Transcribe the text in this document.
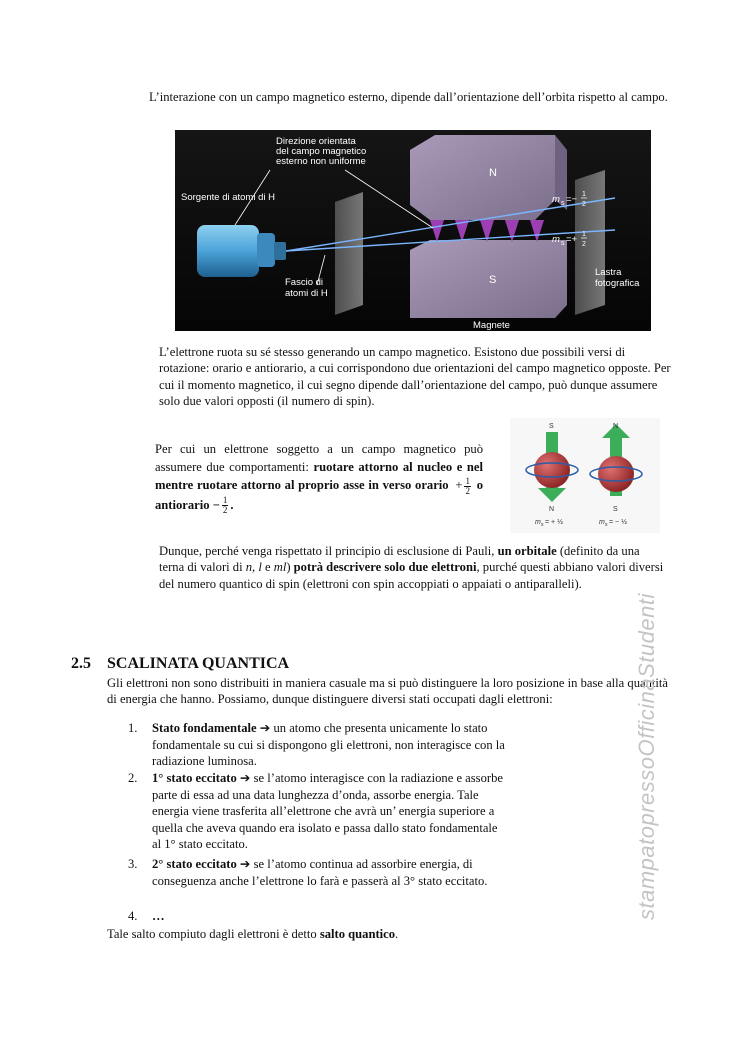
L’interazione con un campo magnetico esterno, dipende dall’orientazione dell’orbita rispetto al campo.

Sorgente di atomi di H
Fascio di
atomi di H
Direzione orientata
del campo magnetico
esterno non uniforme
N
S
Magnete
Lastra
fotografica
m s =− 1
2
m s =+ 1
2

L’elettrone ruota su sé stesso generando un campo magnetico. Esistono due possibili versi di rotazione: orario e antiorario, a cui corrispondono due orientazioni del campo magnetico opposte. Per cui il momento magnetico, il cui segno dipende dall’orientazione del campo, può dunque assumere solo due valori opposti (il numero di spin).

Per cui un elettrone soggetto a un campo magnetico può assumere due comportamenti: ruotare attorno al nucleo e nel mentre ruotare attorno al proprio asse in verso orario + $\frac{1}{2}$ o antiorario − $\frac{1}{2}$ .

S
N
N
S
m s = + ½	m s = − ½

Dunque, perché venga rispettato il principio di esclusione di Pauli, un orbitale (definito da una terna di valori di n, l e ml) potrà descrivere solo due elettroni, purché questi abbiano valori diversi del numero quantico di spin (elettroni con spin accoppiati o appaiati o antiparalleli).

2.5 SCALINATA QUANTICA

Gli elettroni non sono distribuiti in maniera casuale ma si può distinguere la loro posizione in base alla quantità di energia che hanno. Possiamo, dunque distinguere diversi stati occupati dagli elettroni:

1. Stato fondamentale ➔ un atomo che presenta unicamente lo stato fondamentale su cui si dispongono gli elettroni, non interagisce con la radiazione luminosa.
2. 1° stato eccitato ➔ se l’atomo interagisce con la radiazione e assorbe parte di essa ad una data lunghezza d’onda, assorbe energia. Tale energia viene trasferita all’elettrone che avrà un’ energia superiore a quella che aveva quando era isolato e passa dallo stato fondamentale al 1° stato eccitato.
3. 2° stato eccitato ➔ se l’atomo continua ad assorbire energia, di conseguenza anche l’elettrone lo farà e passerà al 3° stato eccitato.
4. …

Tale salto compiuto dagli elettroni è detto salto quantico.

stampatopressoOfficinaStudenti
